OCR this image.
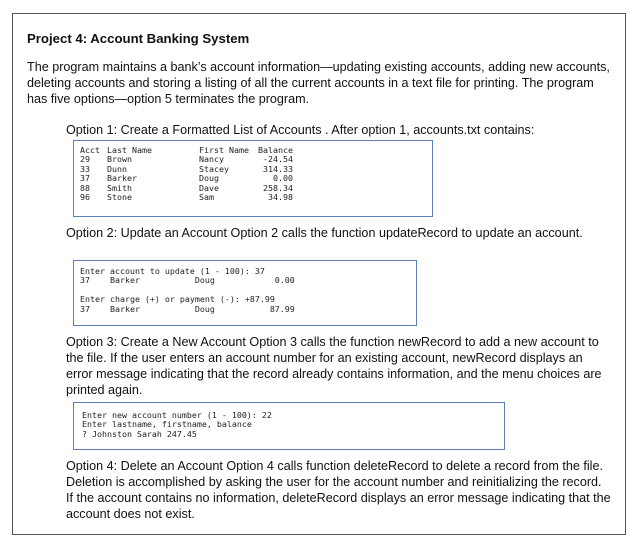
Project 4: Account Banking System

The program maintains a bank’s account information—updating existing accounts, adding new accounts, deleting accounts and storing a listing of all the current accounts in a text file for printing. The program has five options—option 5 terminates the program.

Option 1: Create a Formatted List of Accounts . After option 1, accounts.txt contains:

Acct	Last Name	First Name	Balance
29	Brown	Nancy	-24.54
33	Dunn	Stacey	314.33
37	Barker	Doug	0.00
88	Smith	Dave	258.34
96	Stone	Sam	34.98

Option 2: Update an Account Option 2 calls the function updateRecord to update an account.

Enter account to update (1 - 100): 37
37    Barker           Doug            0.00

Enter charge (+) or payment (-): +87.99
37    Barker           Doug           87.99

Option 3: Create a New Account Option 3 calls the function newRecord to add a new account to the file. If the user enters an account number for an existing account, newRecord displays an error message indicating that the record already contains information, and the menu choices are printed again.

Enter new account number (1 - 100): 22
Enter lastname, firstname, balance
? Johnston Sarah 247.45

Option 4: Delete an Account Option 4 calls function deleteRecord to delete a record from the file. Deletion is accomplished by asking the user for the account number and reinitializing the record. If the account contains no information, deleteRecord displays an error message indicating that the account does not exist.
